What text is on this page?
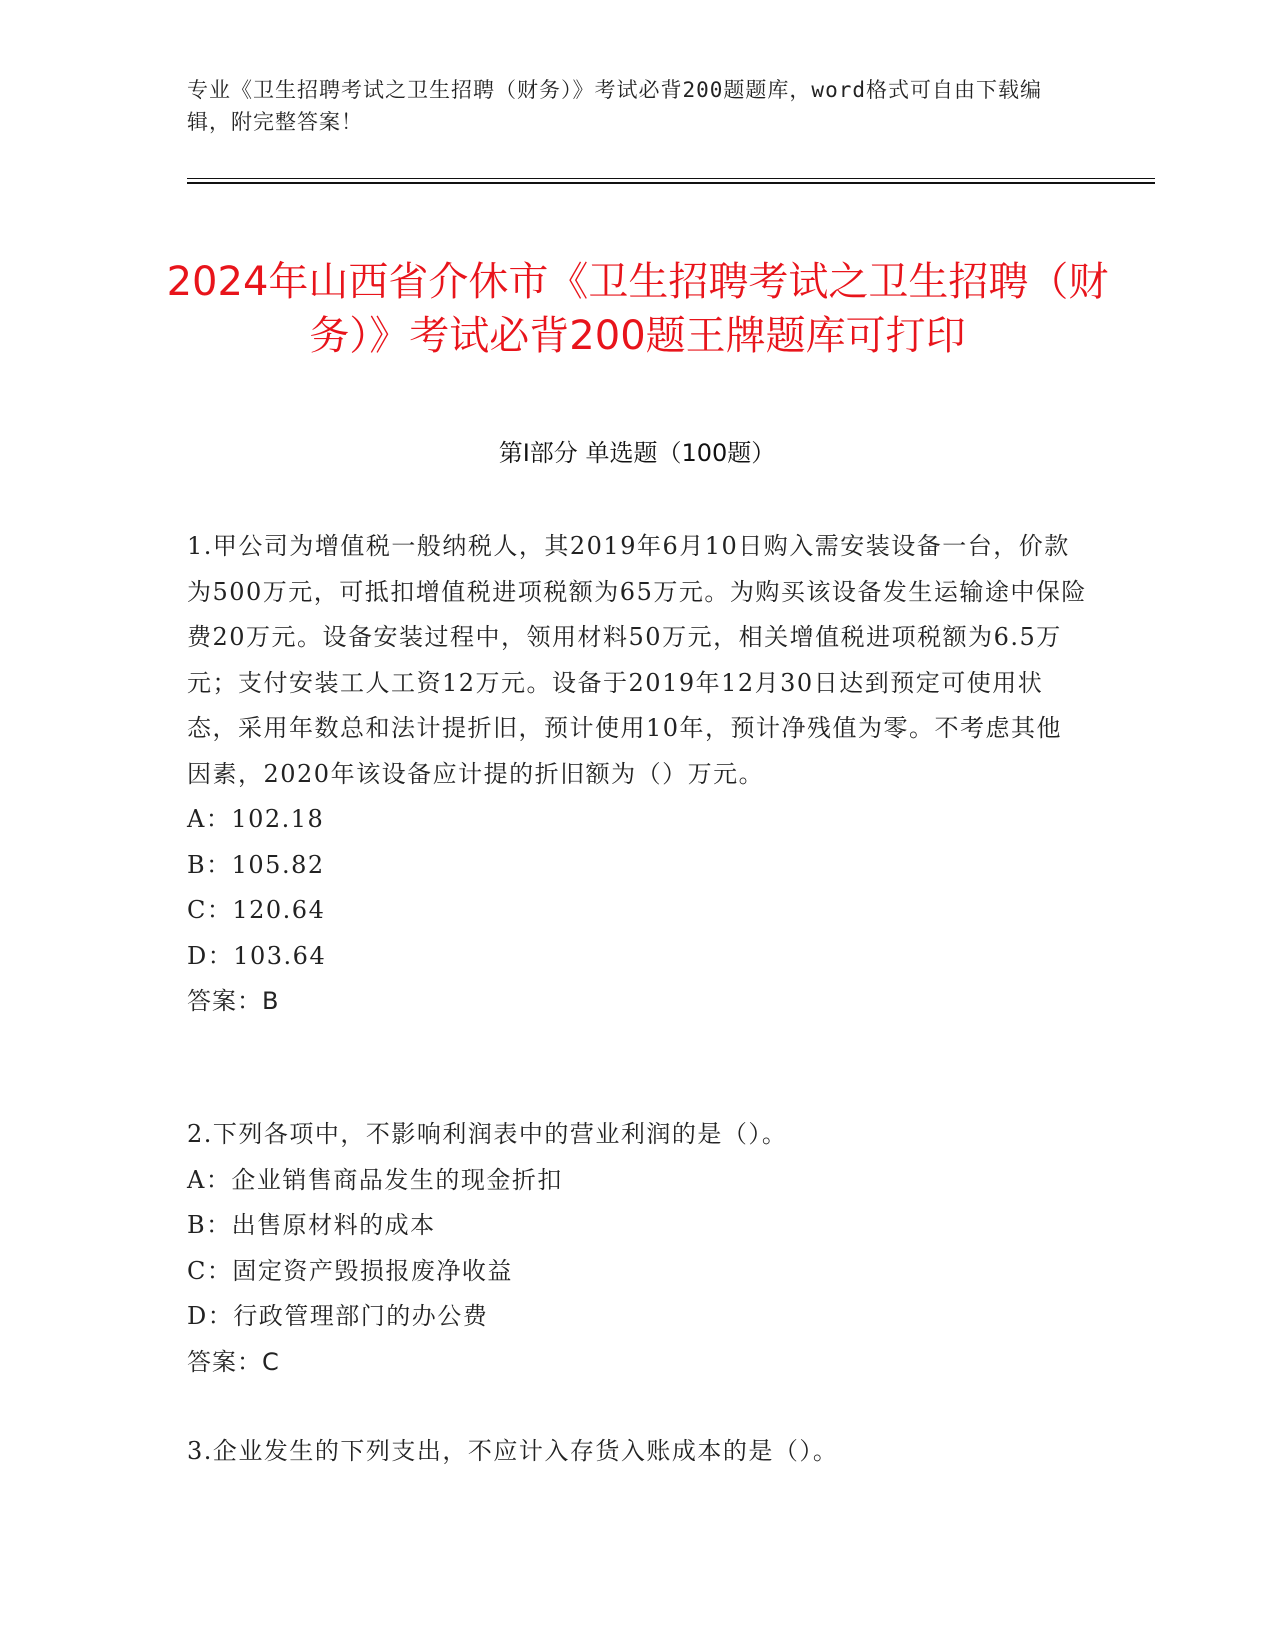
专业《卫生招聘考试之卫生招聘（财务）》考试必背200题题库，word格式可自由下载编辑，附完整答案！
2024年山西省介休市《卫生招聘考试之卫生招聘（财务）》考试必背200题王牌题库可打印
第I部分 单选题（100题）

1.甲公司为增值税一般纳税人，其2019年6月10日购入需安装设备一台，价款为500万元，可抵扣增值税进项税额为65万元。为购买该设备发生运输途中保险费20万元。设备安装过程中，领用材料50万元，相关增值税进项税额为6.5万元；支付安装工人工资12万元。设备于2019年12月30日达到预定可使用状态，采用年数总和法计提折旧，预计使用10年，预计净残值为零。不考虑其他因素，2020年该设备应计提的折旧额为（）万元。

A：102.18

B：105.82

C：120.64

D：103.64

答案：B

2.下列各项中，不影响利润表中的营业利润的是（）。

A：企业销售商品发生的现金折扣

B：出售原材料的成本

C：固定资产毁损报废净收益

D：行政管理部门的办公费

答案：C

3.企业发生的下列支出，不应计入存货入账成本的是（）。
